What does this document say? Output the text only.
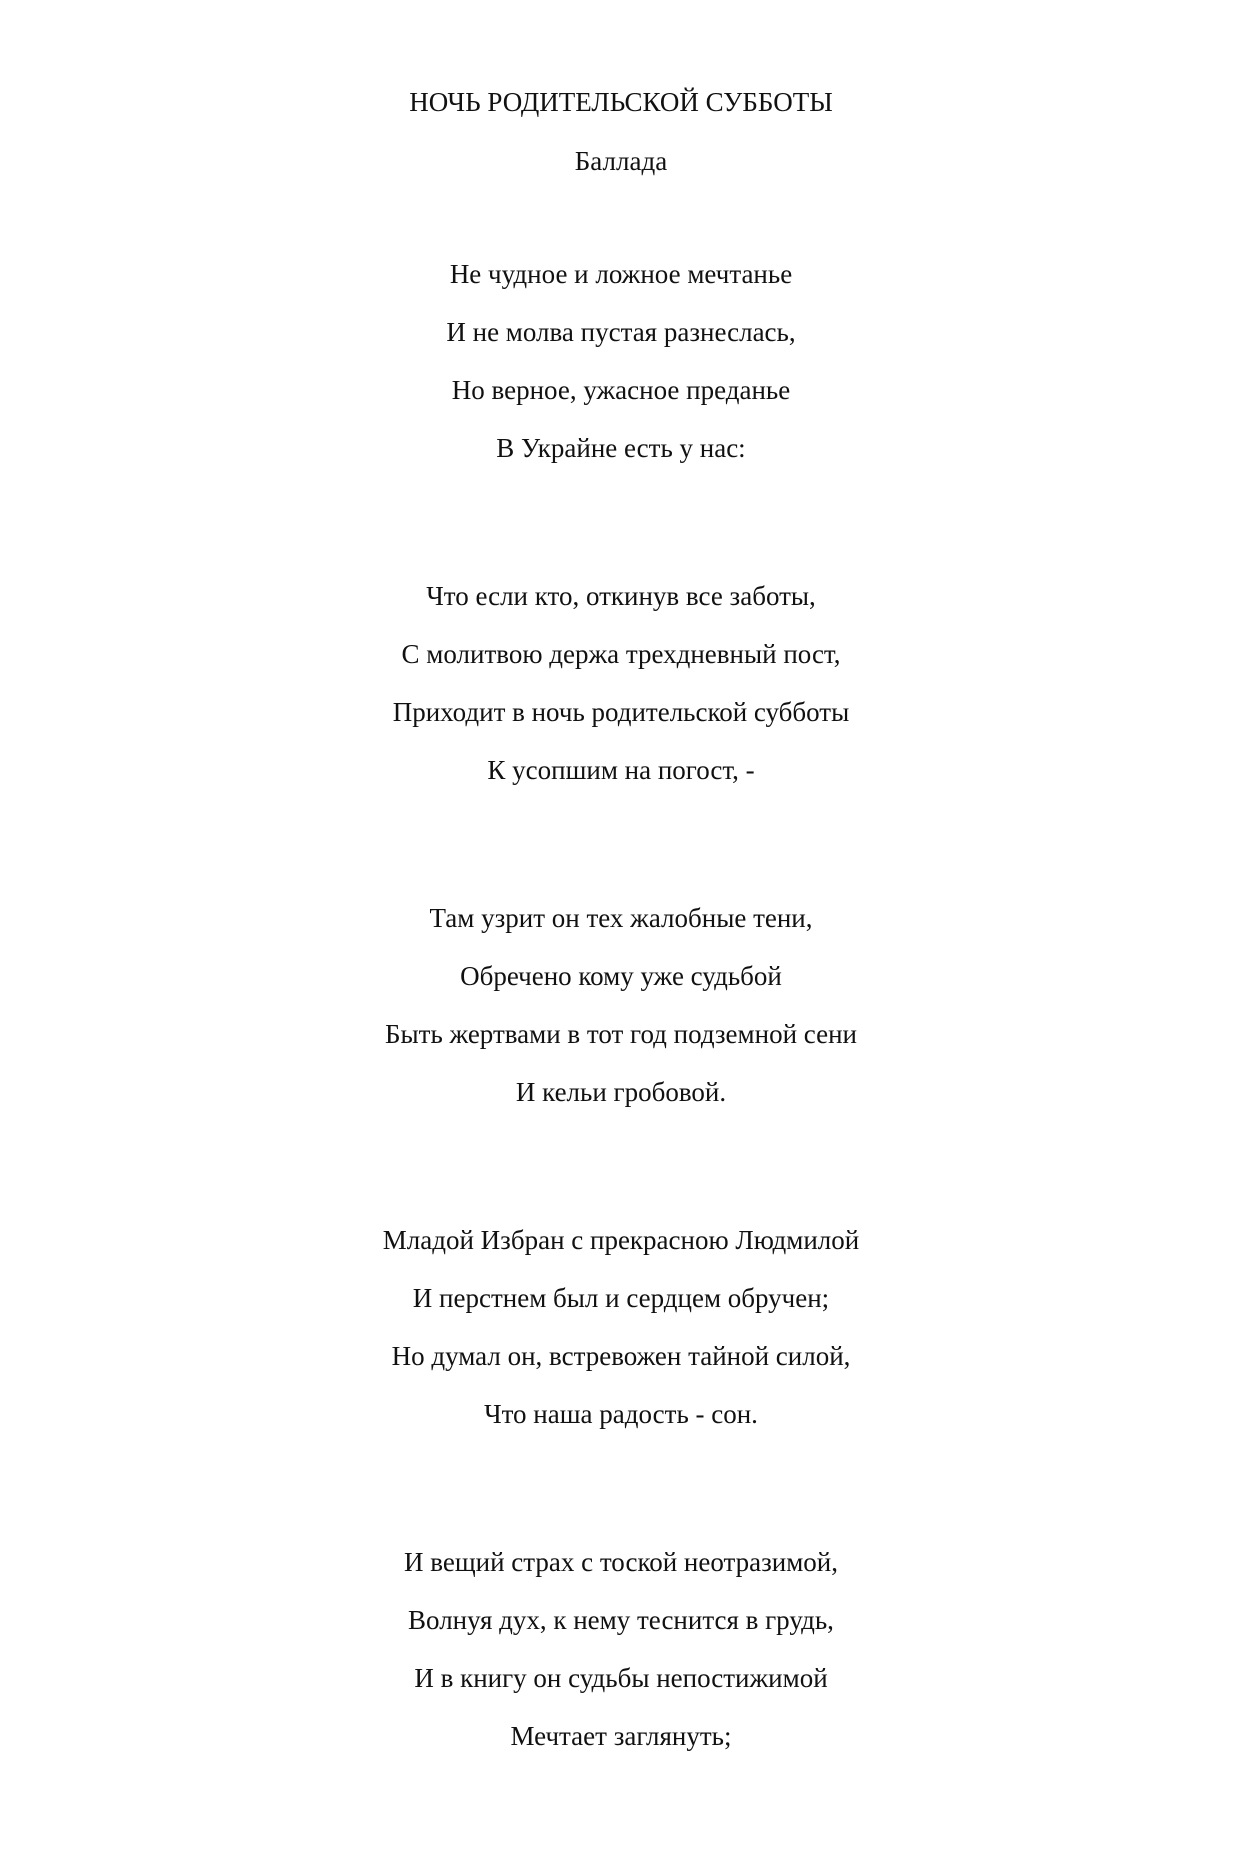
НОЧЬ РОДИТЕЛЬСКОЙ СУББОТЫ
Баллада
Не чудное и ложное мечтанье
И не молва пустая разнеслась,
Но верное, ужасное преданье
В Украйне есть у нас:
Что если кто, откинув все заботы,
С молитвою держа трехдневный пост,
Приходит в ночь родительской субботы
К усопшим на погост, -
Там узрит он тех жалобные тени,
Обречено кому уже судьбой
Быть жертвами в тот год подземной сени
И кельи гробовой.
Младой Избран с прекрасною Людмилой
И перстнем был и сердцем обручен;
Но думал он, встревожен тайной силой,
Что наша радость - сон.
И вещий страх с тоской неотразимой,
Волнуя дух, к нему теснится в грудь,
И в книгу он судьбы непостижимой
Мечтает заглянуть;
